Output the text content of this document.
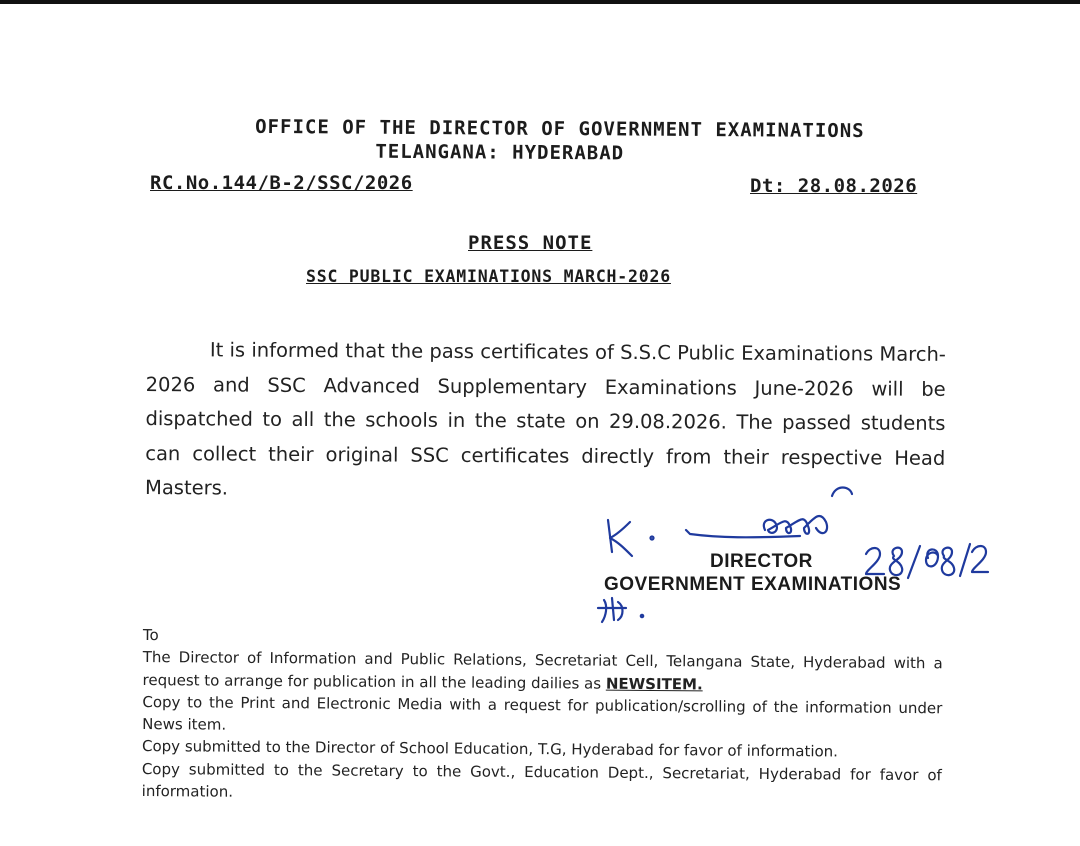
OFFICE OF THE DIRECTOR OF GOVERNMENT EXAMINATIONS
TELANGANA: HYDERABAD
RC.No.144/B-2/SSC/2026	Dt: 28.08.2026
PRESS NOTE
SSC PUBLIC EXAMINATIONS MARCH-2026
It is informed that the pass certificates of S.S.C Public Examinations March-2026 and SSC Advanced Supplementary Examinations June-2026 will be dispatched to all the schools in the state on 29.08.2026. The passed students can collect their original SSC certificates directly from their respective Head Masters.
DIRECTOR
GOVERNMENT EXAMINATIONS

To

The Director of Information and Public Relations, Secretariat Cell, Telangana State, Hyderabad with a request to arrange for publication in all the leading dailies as NEWSITEM.

Copy to the Print and Electronic Media with a request for publication/scrolling of the information under News item.

Copy submitted to the Director of School Education, T.G, Hyderabad for favor of information.

Copy submitted to the Secretary to the Govt., Education Dept., Secretariat, Hyderabad for favor of information.
